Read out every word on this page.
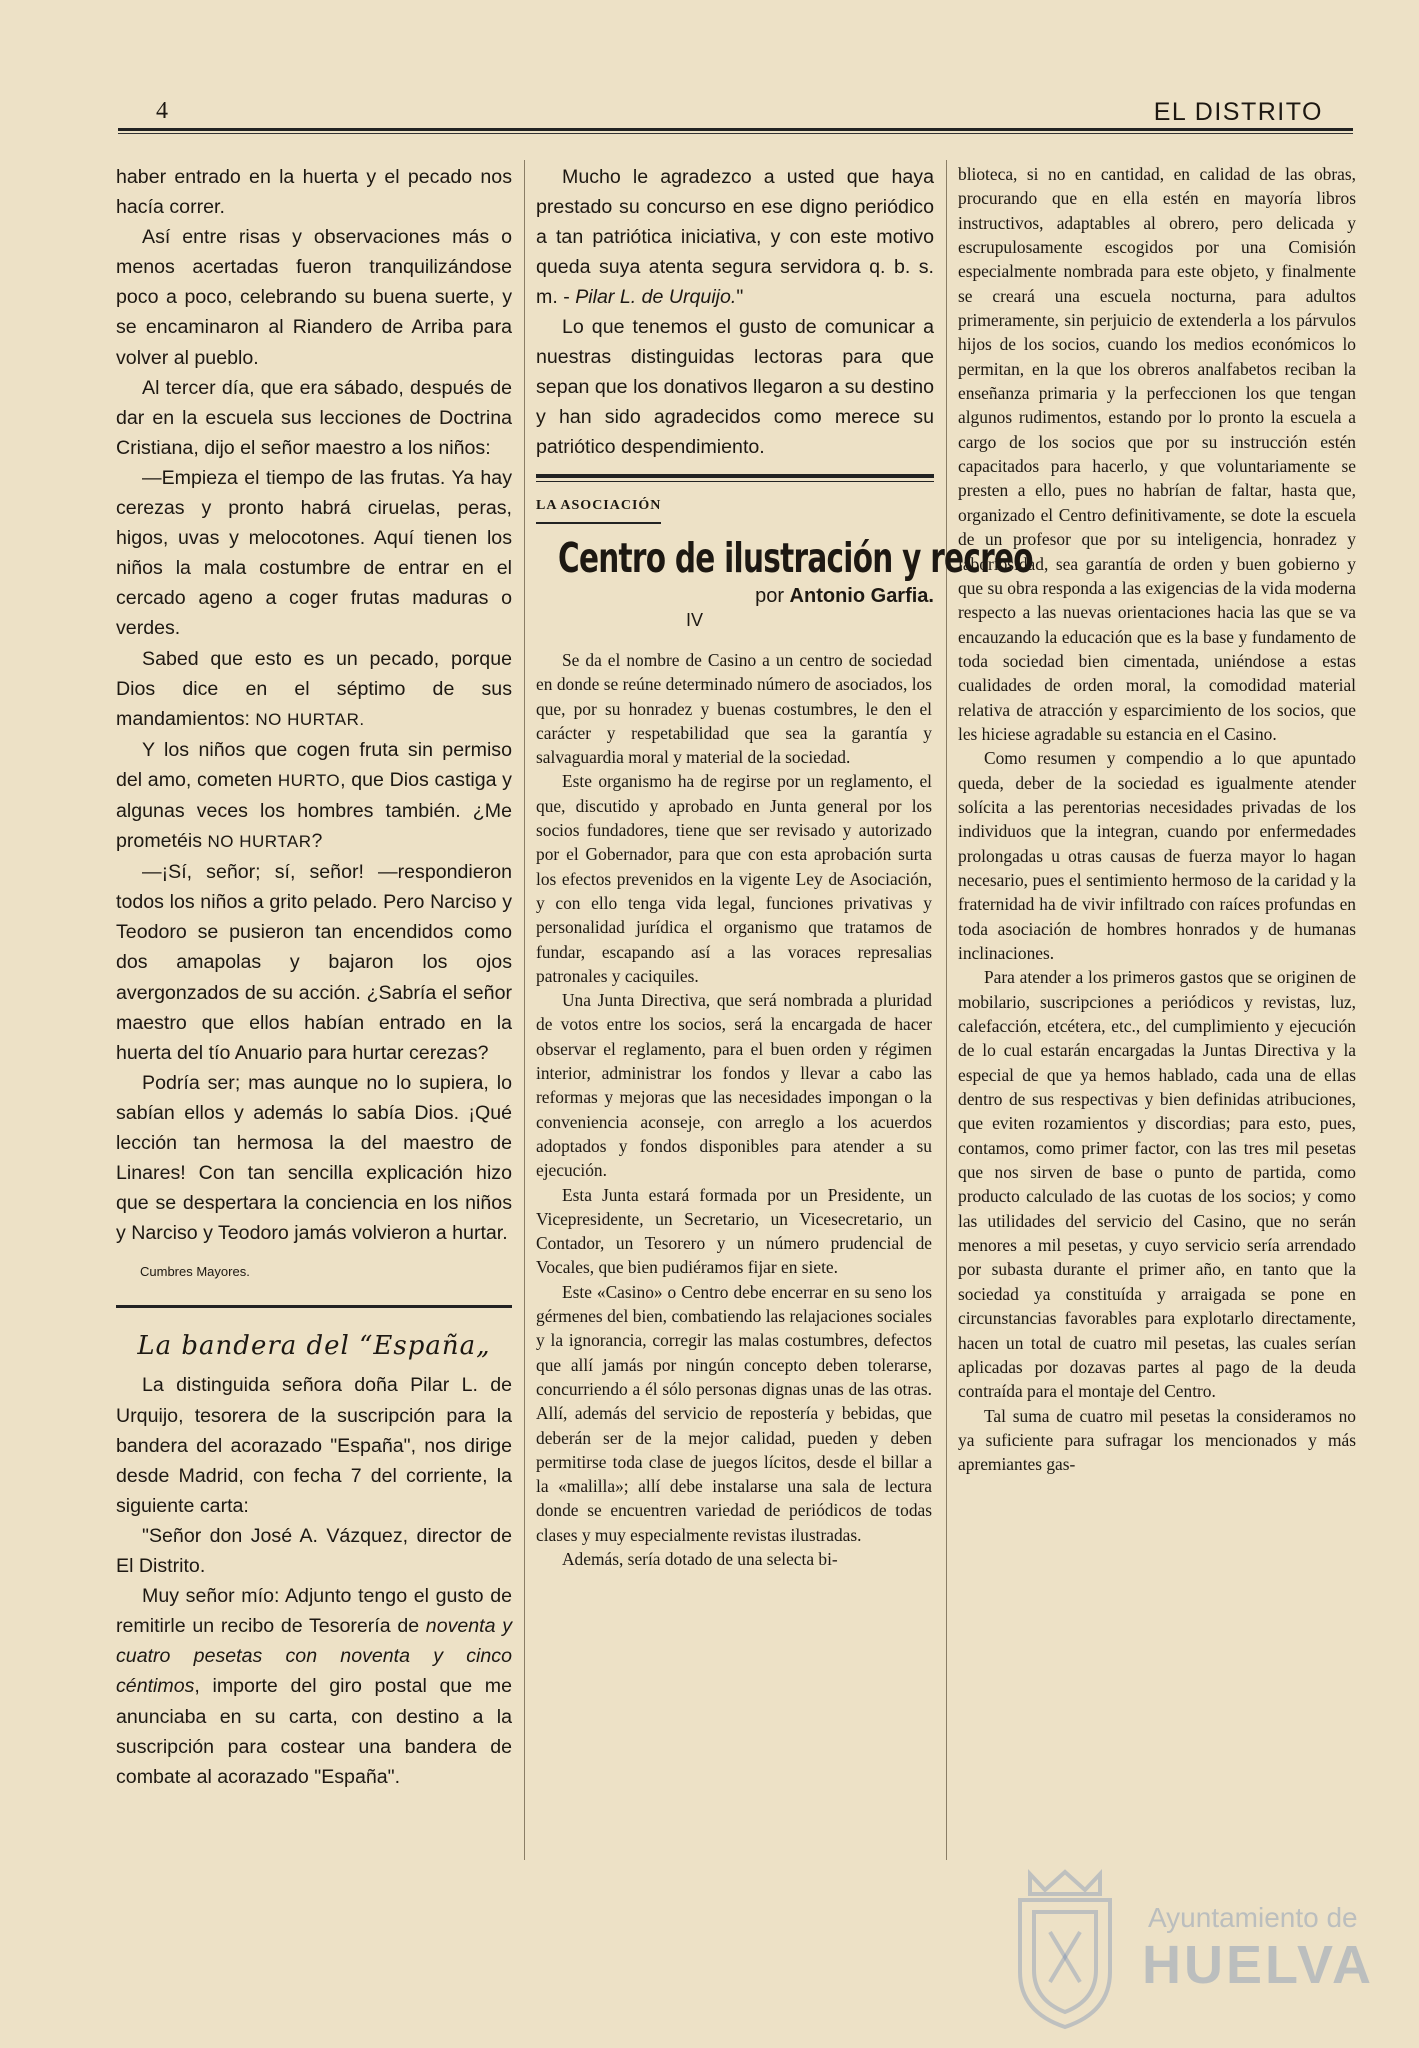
4	EL DISTRITO

haber entrado en la huerta y el pecado nos hacía correr.

Así entre risas y observaciones más o menos acertadas fueron tranquilizándose poco a poco, celebrando su buena suerte, y se encaminaron al Riandero de Arriba para volver al pueblo.

Al tercer día, que era sábado, después de dar en la escuela sus lecciones de Doctrina Cristiana, dijo el señor maestro a los niños:

—Empieza el tiempo de las frutas. Ya hay cerezas y pronto habrá ciruelas, peras, higos, uvas y melocotones. Aquí tienen los niños la mala costumbre de entrar en el cercado ageno a coger frutas maduras o verdes.

Sabed que esto es un pecado, porque Dios dice en el séptimo de sus mandamientos: NO HURTAR.

Y los niños que cogen fruta sin permiso del amo, cometen HURTO, que Dios castiga y algunas veces los hombres también. ¿Me prometéis NO HURTAR?

—¡Sí, señor; sí, señor! —respondieron todos los niños a grito pelado. Pero Narciso y Teodoro se pusieron tan encendidos como dos amapolas y bajaron los ojos avergonzados de su acción. ¿Sabría el señor maestro que ellos habían entrado en la huerta del tío Anuario para hurtar cerezas?

Podría ser; mas aunque no lo supiera, lo sabían ellos y además lo sabía Dios. ¡Qué lección tan hermosa la del maestro de Linares! Con tan sencilla explicación hizo que se despertara la conciencia en los niños y Narciso y Teodoro jamás volvieron a hurtar.

Cumbres Mayores.
La bandera del “España„

La distinguida señora doña Pilar L. de Urquijo, tesorera de la suscripción para la bandera del acorazado "España", nos dirige desde Madrid, con fecha 7 del corriente, la siguiente carta:

"Señor don José A. Vázquez, director de El Distrito.

Muy señor mío: Adjunto tengo el gusto de remitirle un recibo de Tesorería de noventa y cuatro pesetas con noventa y cinco céntimos, importe del giro postal que me anunciaba en su carta, con destino a la suscripción para costear una bandera de combate al acorazado "España".

Mucho le agradezco a usted que haya prestado su concurso en ese digno periódico a tan patriótica iniciativa, y con este motivo queda suya atenta segura servidora q. b. s. m. - Pilar L. de Urquijo."

Lo que tenemos el gusto de comunicar a nuestras distinguidas lectoras para que sepan que los donativos llegaron a su destino y han sido agradecidos como merece su patriótico despendimiento.

LA ASOCIACIÓN
Centro de ilustración y recreo
por Antonio Garfia.
IV

Se da el nombre de Casino a un centro de sociedad en donde se reúne determinado número de asociados, los que, por su honradez y buenas costumbres, le den el carácter y respetabilidad que sea la garantía y salvaguardia moral y material de la sociedad.

Este organismo ha de regirse por un reglamento, el que, discutido y aprobado en Junta general por los socios fundadores, tiene que ser revisado y autorizado por el Gobernador, para que con esta aprobación surta los efectos prevenidos en la vigente Ley de Asociación, y con ello tenga vida legal, funciones privativas y personalidad jurídica el organismo que tratamos de fundar, escapando así a las voraces represalias patronales y caciquiles.

Una Junta Directiva, que será nombrada a pluridad de votos entre los socios, será la encargada de hacer observar el reglamento, para el buen orden y régimen interior, administrar los fondos y llevar a cabo las reformas y mejoras que las necesidades impongan o la conveniencia aconseje, con arreglo a los acuerdos adoptados y fondos disponibles para atender a su ejecución.

Esta Junta estará formada por un Presidente, un Vicepresidente, un Secretario, un Vicesecretario, un Contador, un Tesorero y un número prudencial de Vocales, que bien pudiéramos fijar en siete.

Este «Casino» o Centro debe encerrar en su seno los gérmenes del bien, combatiendo las relajaciones sociales y la ignorancia, corregir las malas costumbres, defectos que allí jamás por ningún concepto deben tolerarse, concurriendo a él sólo personas dignas unas de las otras. Allí, además del servicio de repostería y bebidas, que deberán ser de la mejor calidad, pueden y deben permitirse toda clase de juegos lícitos, desde el billar a la «malilla»; allí debe instalarse una sala de lectura donde se encuentren variedad de periódicos de todas clases y muy especialmente revistas ilustradas.

Además, sería dotado de una selecta bi-

blioteca, si no en cantidad, en calidad de las obras, procurando que en ella estén en mayoría libros instructivos, adaptables al obrero, pero delicada y escrupulosamente escogidos por una Comisión especialmente nombrada para este objeto, y finalmente se creará una escuela nocturna, para adultos primeramente, sin perjuicio de extenderla a los párvulos hijos de los socios, cuando los medios económicos lo permitan, en la que los obreros analfabetos reciban la enseñanza primaria y la perfeccionen los que tengan algunos rudimentos, estando por lo pronto la escuela a cargo de los socios que por su instrucción estén capacitados para hacerlo, y que voluntariamente se presten a ello, pues no habrían de faltar, hasta que, organizado el Centro definitivamente, se dote la escuela de un profesor que por su inteligencia, honradez y laboriosidad, sea garantía de orden y buen gobierno y que su obra responda a las exigencias de la vida moderna respecto a las nuevas orientaciones hacia las que se va encauzando la educación que es la base y fundamento de toda sociedad bien cimentada, uniéndose a estas cualidades de orden moral, la comodidad material relativa de atracción y esparcimiento de los socios, que les hiciese agradable su estancia en el Casino.

Como resumen y compendio a lo que apuntado queda, deber de la sociedad es igualmente atender solícita a las perentorias necesidades privadas de los individuos que la integran, cuando por enfermedades prolongadas u otras causas de fuerza mayor lo hagan necesario, pues el sentimiento hermoso de la caridad y la fraternidad ha de vivir infiltrado con raíces profundas en toda asociación de hombres honrados y de humanas inclinaciones.

Para atender a los primeros gastos que se originen de mobilario, suscripciones a periódicos y revistas, luz, calefacción, etcétera, etc., del cumplimiento y ejecución de lo cual estarán encargadas la Juntas Directiva y la especial de que ya hemos hablado, cada una de ellas dentro de sus respectivas y bien definidas atribuciones, que eviten rozamientos y discordias; para esto, pues, contamos, como primer factor, con las tres mil pesetas que nos sirven de base o punto de partida, como producto calculado de las cuotas de los socios; y como las utilidades del servicio del Casino, que no serán menores a mil pesetas, y cuyo servicio sería arrendado por subasta durante el primer año, en tanto que la sociedad ya constituída y arraigada se pone en circunstancias favorables para explotarlo directamente, hacen un total de cuatro mil pesetas, las cuales serían aplicadas por dozavas partes al pago de la deuda contraída para el montaje del Centro.

Tal suma de cuatro mil pesetas la consideramos no ya suficiente para sufragar los mencionados y más apremiantes gas-

Ayuntamiento de
HUELVA
